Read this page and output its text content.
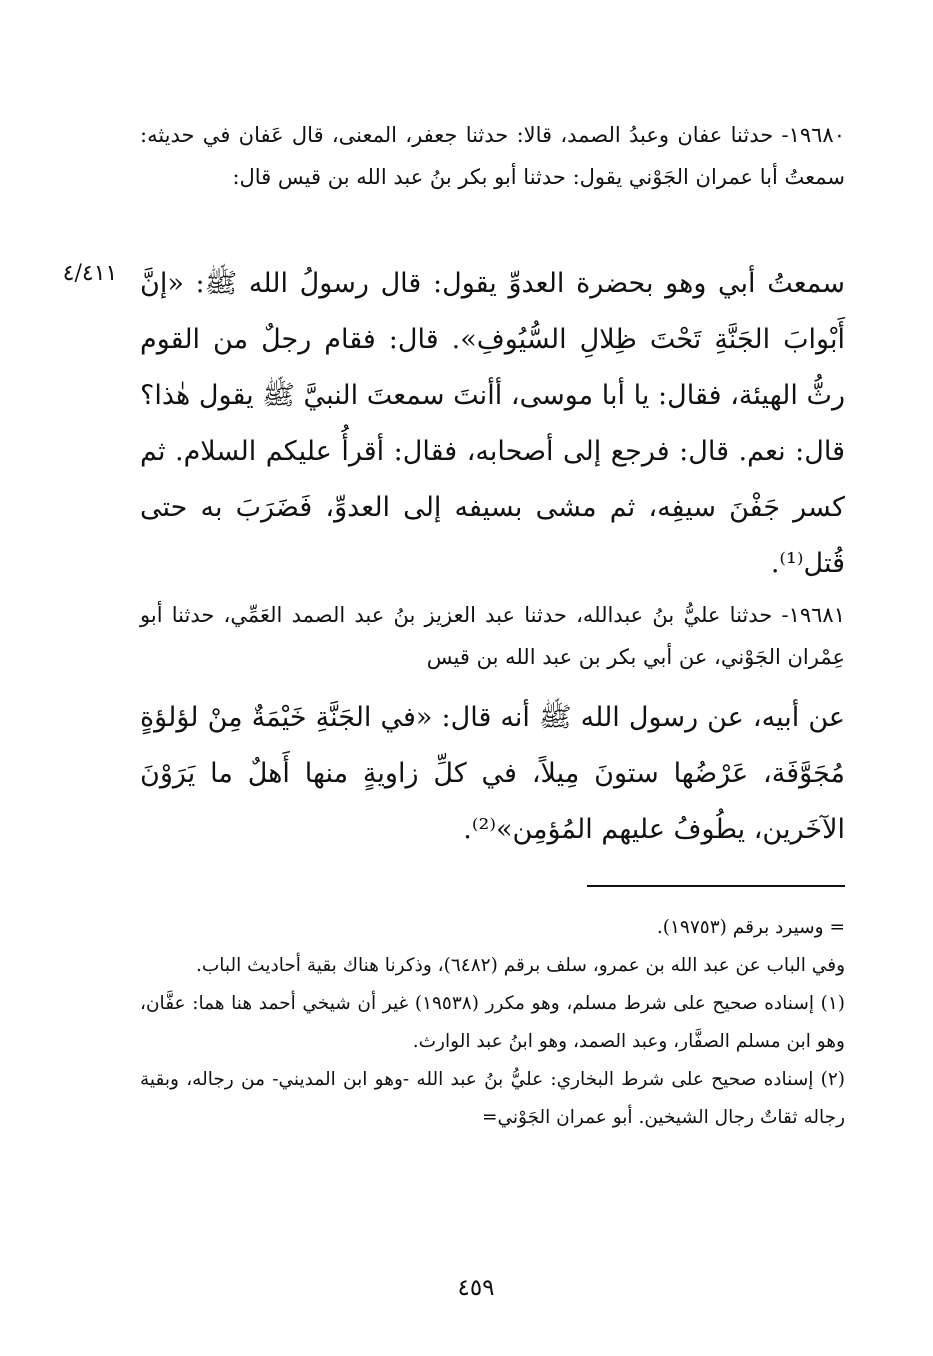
١٩٦٨٠- حدثنا عفان وعبدُ الصمد، قالا: حدثنا جعفر، المعنى، قال عَفان في حديثه: سمعتُ أبا عمران الجَوْني يقول: حدثنا أبو بكر بنُ عبد الله بن قيس قال:

٤/٤١١ سمعتُ أبي وهو بحضرة العدوِّ يقول: قال رسولُ الله ﷺ: «إنَّ أَبْوابَ الجَنَّةِ تَحْتَ ظِلالِ السُّيُوفِ». قال: فقام رجلٌ من القوم رثُّ الهيئة، فقال: يا أبا موسى، أأنتَ سمعتَ النبيَّ ﷺ يقول هٰذا؟ قال: نعم. قال: فرجع إلى أصحابه، فقال: أقرأُ عليكم السلام. ثم كسر جَفْنَ سيفِه، ثم مشى بسيفه إلى العدوِّ، فَضَرَبَ به حتى قُتل⁽¹⁾.

١٩٦٨١- حدثنا عليُّ بنُ عبدالله، حدثنا عبد العزيز بنُ عبد الصمد العَمِّي، حدثنا أبو عِمْران الجَوْني، عن أبي بكر بن عبد الله بن قيس

عن أبيه، عن رسول الله ﷺ أنه قال: «في الجَنَّةِ خَيْمَةٌ مِنْ لؤلؤةٍ مُجَوَّفَة، عَرْضُها ستونَ مِيلاً، في كلِّ زاويةٍ منها أَهلٌ ما يَرَوْنَ الآخَرين، يطُوفُ عليهم المُؤمِن»⁽²⁾.

= وسيرد برقم (١٩٧٥٣).

وفي الباب عن عبد الله بن عمرو، سلف برقم (٦٤٨٢)، وذكرنا هناك بقية أحاديث الباب.

(١) إسناده صحيح على شرط مسلم، وهو مكرر (١٩٥٣٨) غير أن شيخي أحمد هنا هما: عفَّان، وهو ابن مسلم الصفَّار، وعبد الصمد، وهو ابنُ عبد الوارث.

(٢) إسناده صحيح على شرط البخاري: عليُّ بنُ عبد الله -وهو ابن المديني- من رجاله، وبقية رجاله ثقاتٌ رجال الشيخين. أبو عمران الجَوْني=

٤٥٩
